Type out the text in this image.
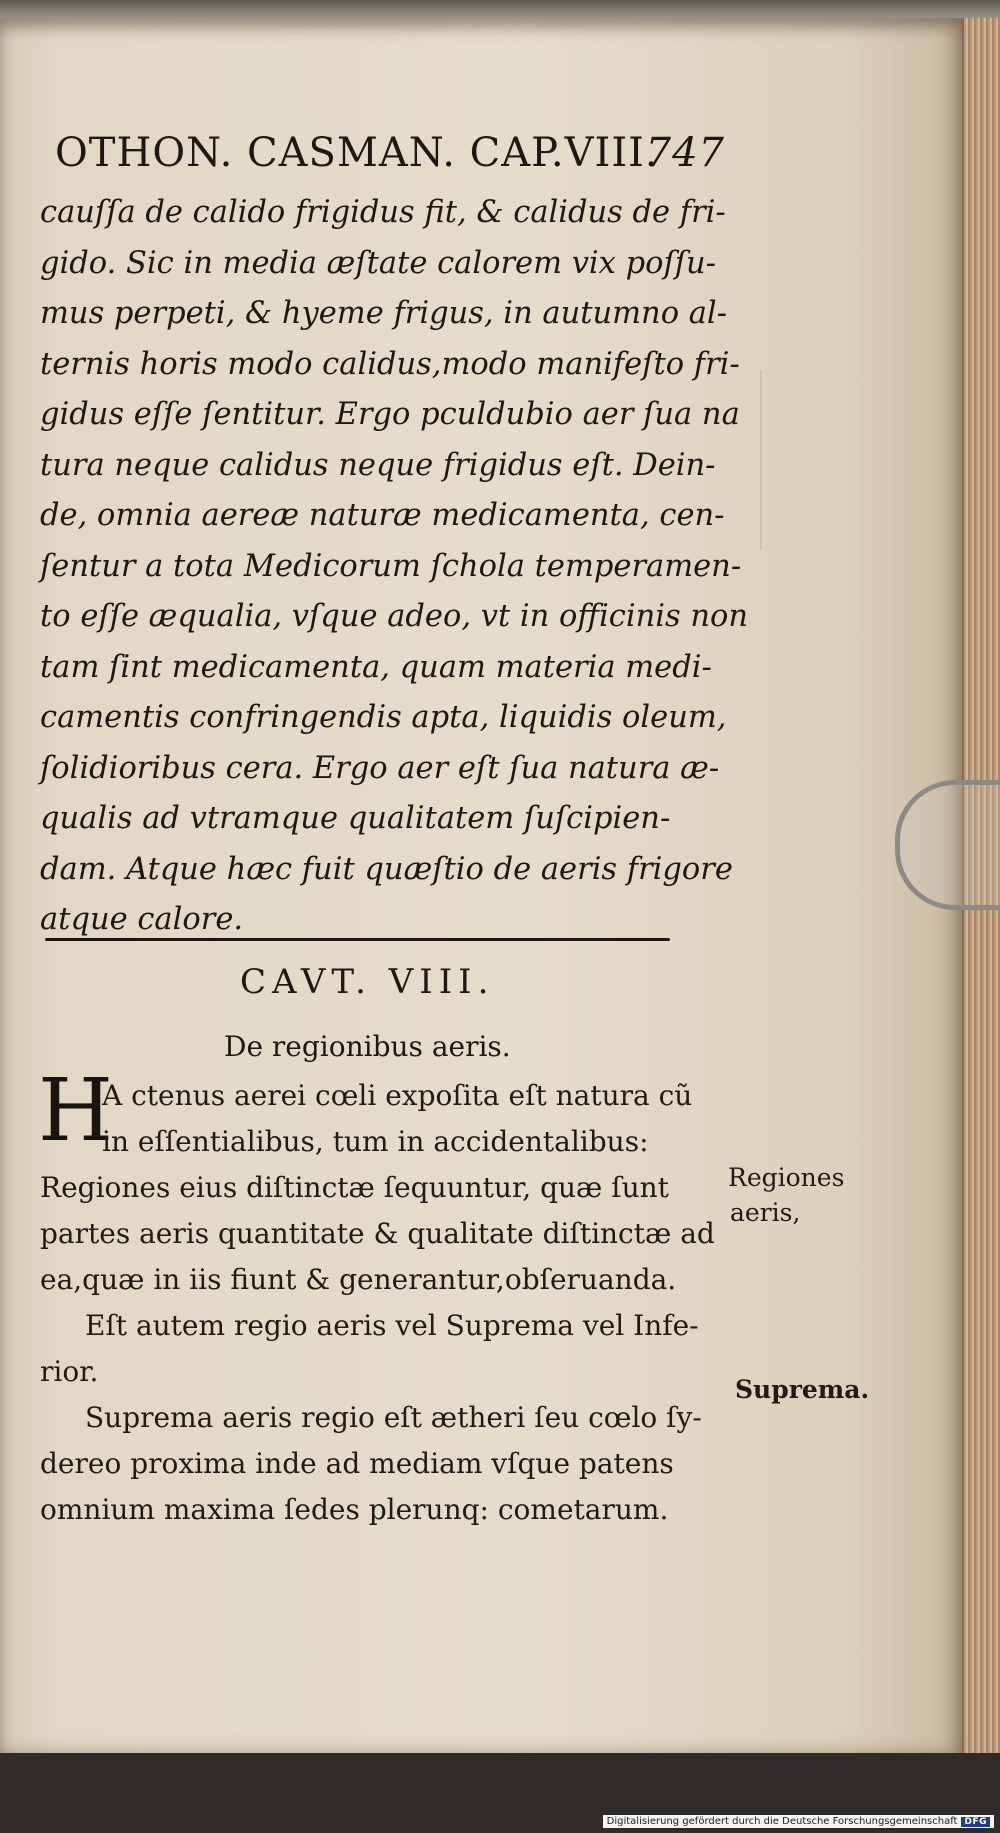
OTHON. CASMAN. CAP.VIII.
747
cauſſa de calido frigidus fit, & calidus de fri-
gido. Sic in media æſtate calorem vix poſſu-
mus perpeti, & hyeme frigus, in autumno al-
ternis horis modo calidus,modo manifeſto fri-
gidus eſſe ſentitur. Ergo pculdubio aer ſua na
tura neque calidus neque frigidus eſt. Dein-
de, omnia aereæ naturæ medicamenta, cen-
ſentur a tota Medicorum ſchola temperamen-
to eſſe æqualia, vſque adeo, vt in officinis non
tam ſint medicamenta, quam materia medi-
camentis confringendis apta, liquidis oleum,
ſolidioribus cera. Ergo aer eſt ſua natura æ-
qualis ad vtramque qualitatem ſuſcipien-
dam. Atque hæc fuit quæſtio de aeris frigore
atque calore.
CAVT. VIII.
De regionibus aeris.
H
A ctenus aerei cœli expoſita eſt natura cũ
in eſſentialibus, tum in accidentalibus:
Regiones eius diſtinctæ ſequuntur, quæ ſunt
partes aeris quantitate & qualitate diſtinctæ ad
ea,quæ in iis fiunt & generantur,obſeruanda.
Eſt autem regio aeris vel Suprema vel Infe-
rior.
Suprema aeris regio eſt ætheri ſeu cœlo ſy-
dereo proxima inde ad mediam vſque patens
omnium maxima ſedes plerunq: cometarum.
Regiones
aeris,
Suprema.
Digitalisierung gefördert durch die Deutsche Forschungsgemeinschaft DFG
